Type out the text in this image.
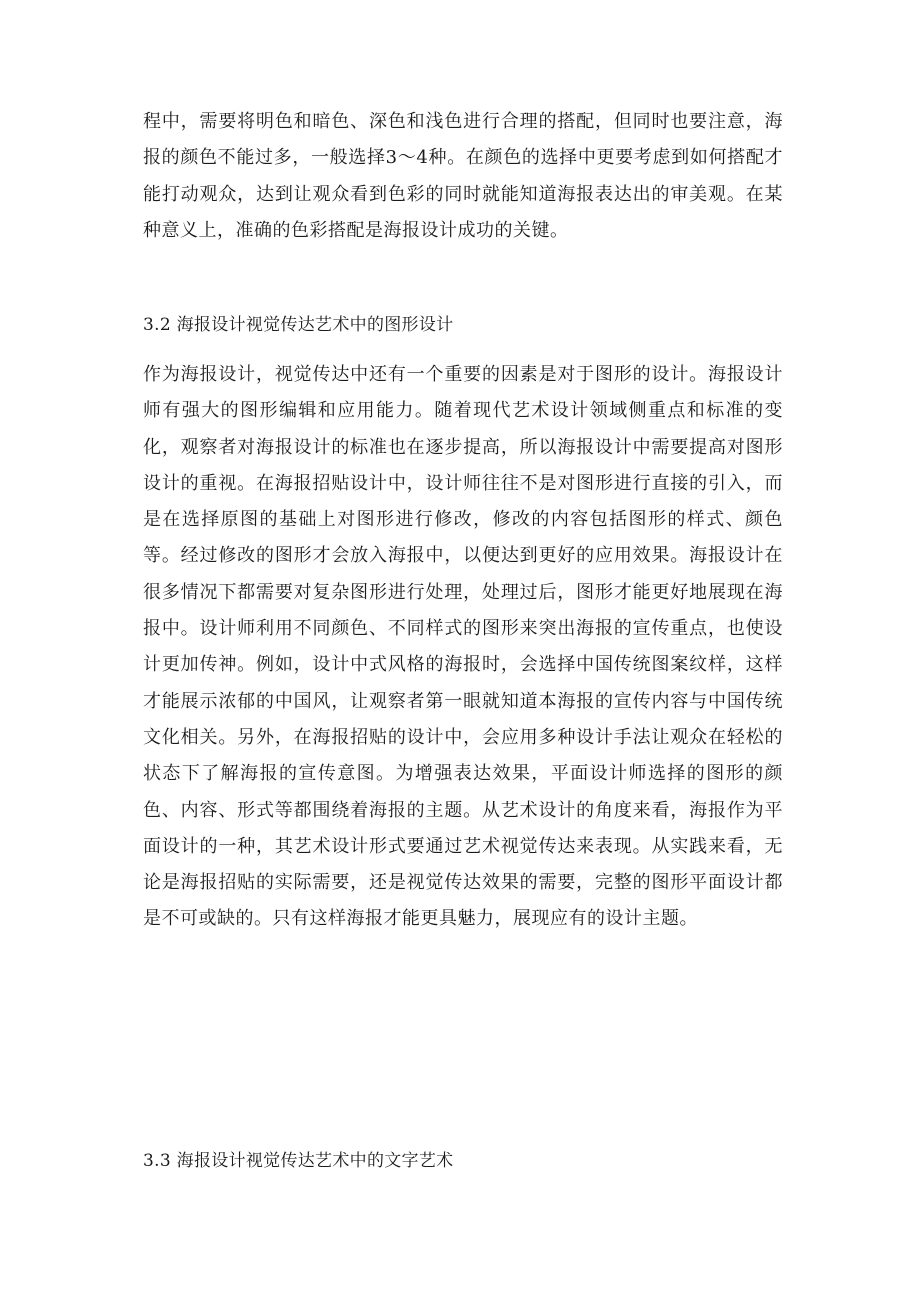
程中，需要将明色和暗色、深色和浅色进行合理的搭配，但同时也要注意，海报的颜色不能过多，一般选择3～4种。在颜色的选择中更要考虑到如何搭配才能打动观众，达到让观众看到色彩的同时就能知道海报表达出的审美观。在某种意义上，准确的色彩搭配是海报设计成功的关键。

3.2 海报设计视觉传达艺术中的图形设计

作为海报设计，视觉传达中还有一个重要的因素是对于图形的设计。海报设计师有强大的图形编辑和应用能力。随着现代艺术设计领域侧重点和标准的变化，观察者对海报设计的标准也在逐步提高，所以海报设计中需要提高对图形设计的重视。在海报招贴设计中，设计师往往不是对图形进行直接的引入，而是在选择原图的基础上对图形进行修改，修改的内容包括图形的样式、颜色等。经过修改的图形才会放入海报中，以便达到更好的应用效果。海报设计在很多情况下都需要对复杂图形进行处理，处理过后，图形才能更好地展现在海报中。设计师利用不同颜色、不同样式的图形来突出海报的宣传重点，也使设计更加传神。例如，设计中式风格的海报时，会选择中国传统图案纹样，这样才能展示浓郁的中国风，让观察者第一眼就知道本海报的宣传内容与中国传统文化相关。另外，在海报招贴的设计中，会应用多种设计手法让观众在轻松的状态下了解海报的宣传意图。为增强表达效果，平面设计师选择的图形的颜色、内容、形式等都围绕着海报的主题。从艺术设计的角度来看，海报作为平面设计的一种，其艺术设计形式要通过艺术视觉传达来表现。从实践来看，无论是海报招贴的实际需要，还是视觉传达效果的需要，完整的图形平面设计都是不可或缺的。只有这样海报才能更具魅力，展现应有的设计主题。

3.3 海报设计视觉传达艺术中的文字艺术
